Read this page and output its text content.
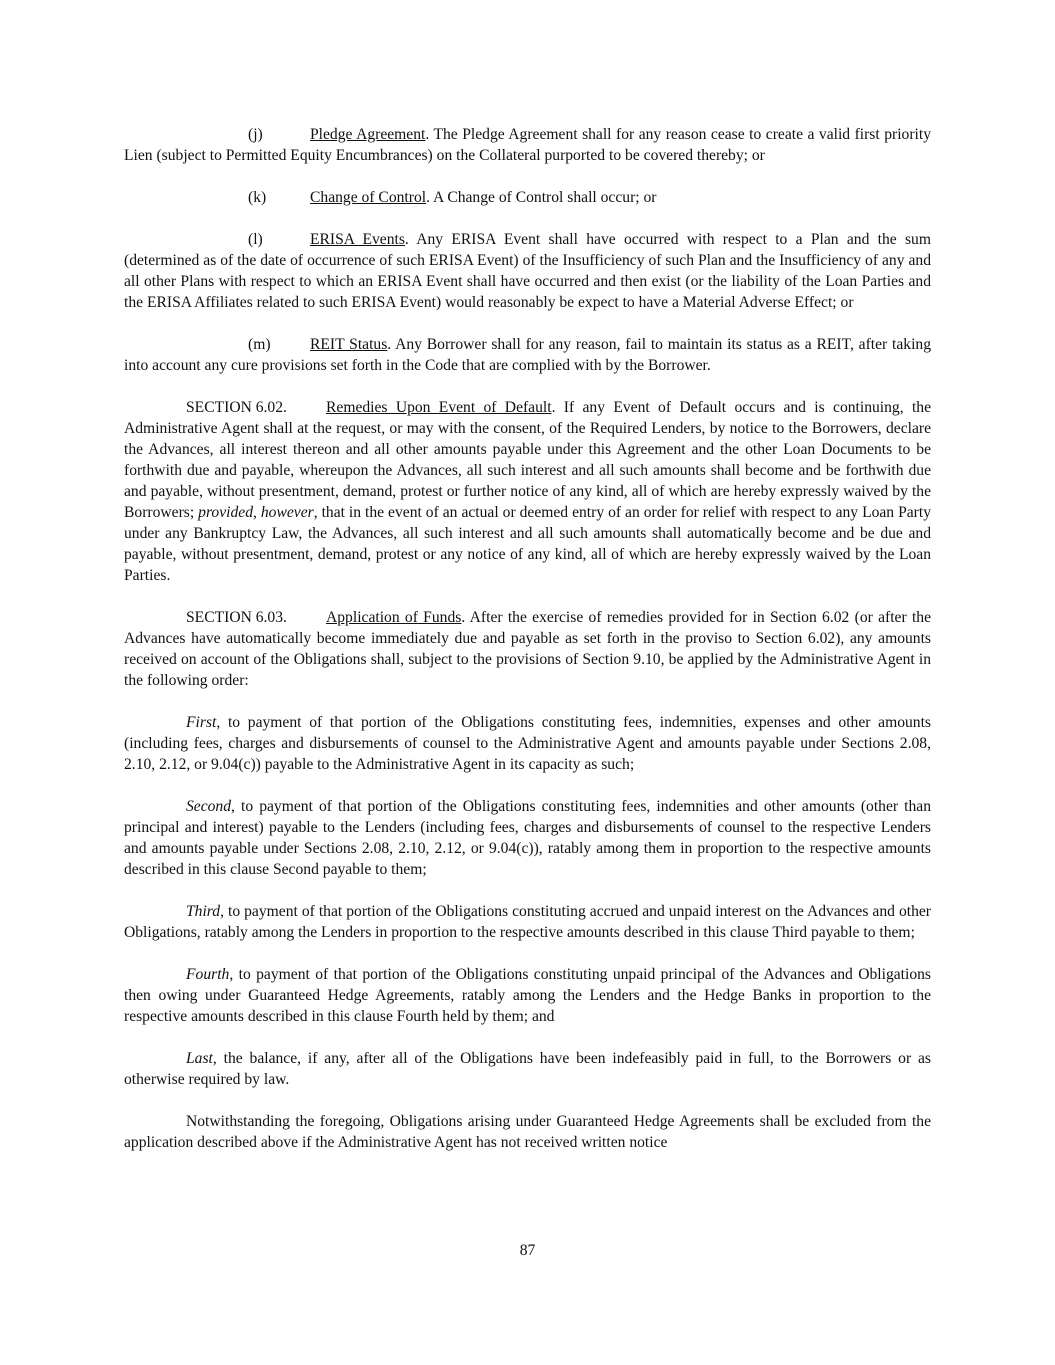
(j)	Pledge Agreement. The Pledge Agreement shall for any reason cease to create a valid first priority Lien (subject to Permitted Equity Encumbrances) on the Collateral purported to be covered thereby; or

(k)	Change of Control. A Change of Control shall occur; or

(l)	ERISA Events. Any ERISA Event shall have occurred with respect to a Plan and the sum (determined as of the date of occurrence of such ERISA Event) of the Insufficiency of such Plan and the Insufficiency of any and all other Plans with respect to which an ERISA Event shall have occurred and then exist (or the liability of the Loan Parties and the ERISA Affiliates related to such ERISA Event) would reasonably be expect to have a Material Adverse Effect; or

(m)	REIT Status. Any Borrower shall for any reason, fail to maintain its status as a REIT, after taking into account any cure provisions set forth in the Code that are complied with by the Borrower.

SECTION 6.02.	Remedies Upon Event of Default. If any Event of Default occurs and is continuing, the Administrative Agent shall at the request, or may with the consent, of the Required Lenders, by notice to the Borrowers, declare the Advances, all interest thereon and all other amounts payable under this Agreement and the other Loan Documents to be forthwith due and payable, whereupon the Advances, all such interest and all such amounts shall become and be forthwith due and payable, without presentment, demand, protest or further notice of any kind, all of which are hereby expressly waived by the Borrowers; provided, however, that in the event of an actual or deemed entry of an order for relief with respect to any Loan Party under any Bankruptcy Law, the Advances, all such interest and all such amounts shall automatically become and be due and payable, without presentment, demand, protest or any notice of any kind, all of which are hereby expressly waived by the Loan Parties.

SECTION 6.03.	Application of Funds. After the exercise of remedies provided for in Section 6.02 (or after the Advances have automatically become immediately due and payable as set forth in the proviso to Section 6.02), any amounts received on account of the Obligations shall, subject to the provisions of Section 9.10, be applied by the Administrative Agent in the following order:

First, to payment of that portion of the Obligations constituting fees, indemnities, expenses and other amounts (including fees, charges and disbursements of counsel to the Administrative Agent and amounts payable under Sections 2.08, 2.10, 2.12, or 9.04(c)) payable to the Administrative Agent in its capacity as such;

Second, to payment of that portion of the Obligations constituting fees, indemnities and other amounts (other than principal and interest) payable to the Lenders (including fees, charges and disbursements of counsel to the respective Lenders and amounts payable under Sections 2.08, 2.10, 2.12, or 9.04(c)), ratably among them in proportion to the respective amounts described in this clause Second payable to them;

Third, to payment of that portion of the Obligations constituting accrued and unpaid interest on the Advances and other Obligations, ratably among the Lenders in proportion to the respective amounts described in this clause Third payable to them;

Fourth, to payment of that portion of the Obligations constituting unpaid principal of the Advances and Obligations then owing under Guaranteed Hedge Agreements, ratably among the Lenders and the Hedge Banks in proportion to the respective amounts described in this clause Fourth held by them; and

Last, the balance, if any, after all of the Obligations have been indefeasibly paid in full, to the Borrowers or as otherwise required by law.

Notwithstanding the foregoing, Obligations arising under Guaranteed Hedge Agreements shall be excluded from the application described above if the Administrative Agent has not received written notice

87
